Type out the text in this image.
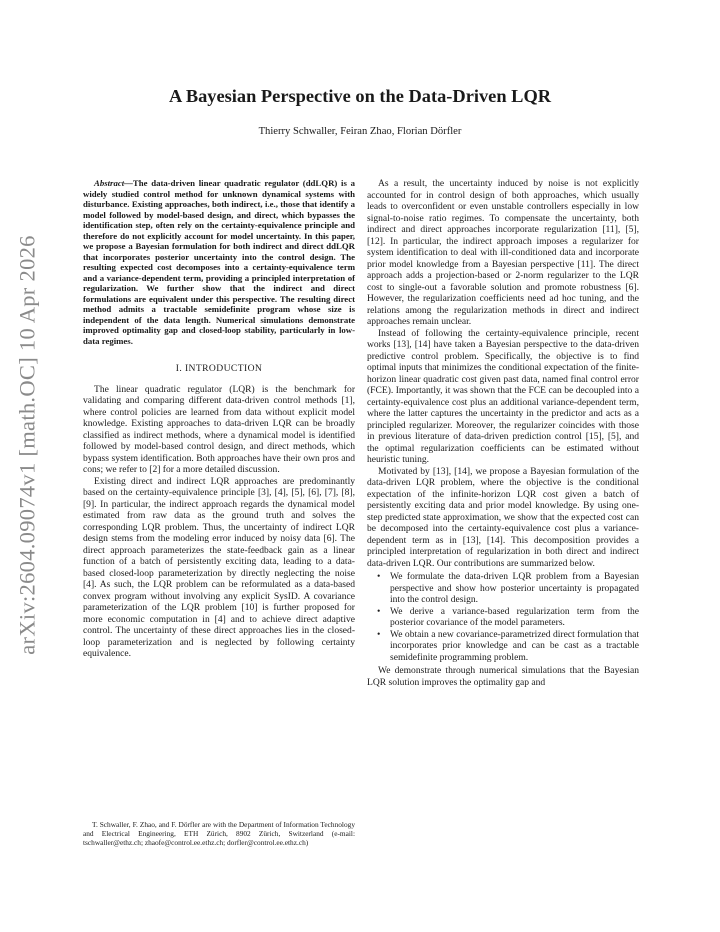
arXiv:2604.09074v1 [math.OC] 10 Apr 2026
A Bayesian Perspective on the Data-Driven LQR

Thierry Schwaller, Feiran Zhao, Florian Dörfler

Abstract—The data-driven linear quadratic regulator (ddLQR) is a widely studied control method for unknown dynamical systems with disturbance. Existing approaches, both indirect, i.e., those that identify a model followed by model-based design, and direct, which bypasses the identification step, often rely on the certainty-equivalence principle and therefore do not explicitly account for model uncertainty. In this paper, we propose a Bayesian formulation for both indirect and direct ddLQR that incorporates posterior uncertainty into the control design. The resulting expected cost decomposes into a certainty-equivalence term and a variance-dependent term, providing a principled interpretation of regularization. We further show that the indirect and direct formulations are equivalent under this perspective. The resulting direct method admits a tractable semidefinite program whose size is independent of the data length. Numerical simulations demonstrate improved optimality gap and closed-loop stability, particularly in low-data regimes.

I. INTRODUCTION

The linear quadratic regulator (LQR) is the benchmark for validating and comparing different data-driven control methods [1], where control policies are learned from data without explicit model knowledge. Existing approaches to data-driven LQR can be broadly classified as indirect methods, where a dynamical model is identified followed by model-based control design, and direct methods, which bypass system identification. Both approaches have their own pros and cons; we refer to [2] for a more detailed discussion.

Existing direct and indirect LQR approaches are predominantly based on the certainty-equivalence principle [3], [4], [5], [6], [7], [8], [9]. In particular, the indirect approach regards the dynamical model estimated from raw data as the ground truth and solves the corresponding LQR problem. Thus, the uncertainty of indirect LQR design stems from the modeling error induced by noisy data [6]. The direct approach parameterizes the state-feedback gain as a linear function of a batch of persistently exciting data, leading to a data-based closed-loop parameterization by directly neglecting the noise [4]. As such, the LQR problem can be reformulated as a data-based convex program without involving any explicit SysID. A covariance parameterization of the LQR problem [10] is further proposed for more economic computation in [4] and to achieve direct adaptive control. The uncertainty of these direct approaches lies in the closed-loop parameterization and is neglected by following certainty equivalence.

T. Schwaller, F. Zhao, and F. Dörfler are with the Department of Information Technology and Electrical Engineering, ETH Zürich, 8902 Zürich, Switzerland (e-mail: tschwaller@ethz.ch; zhaofe@control.ee.ethz.ch; dorfler@control.ee.ethz.ch)

As a result, the uncertainty induced by noise is not explicitly accounted for in control design of both approaches, which usually leads to overconfident or even unstable controllers especially in low signal-to-noise ratio regimes. To compensate the uncertainty, both indirect and direct approaches incorporate regularization [11], [5], [12]. In particular, the indirect approach imposes a regularizer for system identification to deal with ill-conditioned data and incorporate prior model knowledge from a Bayesian perspective [11]. The direct approach adds a projection-based or 2-norm regularizer to the LQR cost to single-out a favorable solution and promote robustness [6]. However, the regularization coefficients need ad hoc tuning, and the relations among the regularization methods in direct and indirect approaches remain unclear.

Instead of following the certainty-equivalence principle, recent works [13], [14] have taken a Bayesian perspective to the data-driven predictive control problem. Specifically, the objective is to find optimal inputs that minimizes the conditional expectation of the finite-horizon linear quadratic cost given past data, named final control error (FCE). Importantly, it was shown that the FCE can be decoupled into a certainty-equivalence cost plus an additional variance-dependent term, where the latter captures the uncertainty in the predictor and acts as a principled regularizer. Moreover, the regularizer coincides with those in previous literature of data-driven prediction control [15], [5], and the optimal regularization coefficients can be estimated without heuristic tuning.

Motivated by [13], [14], we propose a Bayesian formulation of the data-driven LQR problem, where the objective is the conditional expectation of the infinite-horizon LQR cost given a batch of persistently exciting data and prior model knowledge. By using one-step predicted state approximation, we show that the expected cost can be decomposed into the certainty-equivalence cost plus a variance-dependent term as in [13], [14]. This decomposition provides a principled interpretation of regularization in both direct and indirect data-driven LQR. Our contributions are summarized below.

• We formulate the data-driven LQR problem from a Bayesian perspective and show how posterior uncertainty is propagated into the control design.
• We derive a variance-based regularization term from the posterior covariance of the model parameters.
• We obtain a new covariance-parametrized direct formulation that incorporates prior knowledge and can be cast as a tractable semidefinite programming problem.

We demonstrate through numerical simulations that the Bayesian LQR solution improves the optimality gap and
